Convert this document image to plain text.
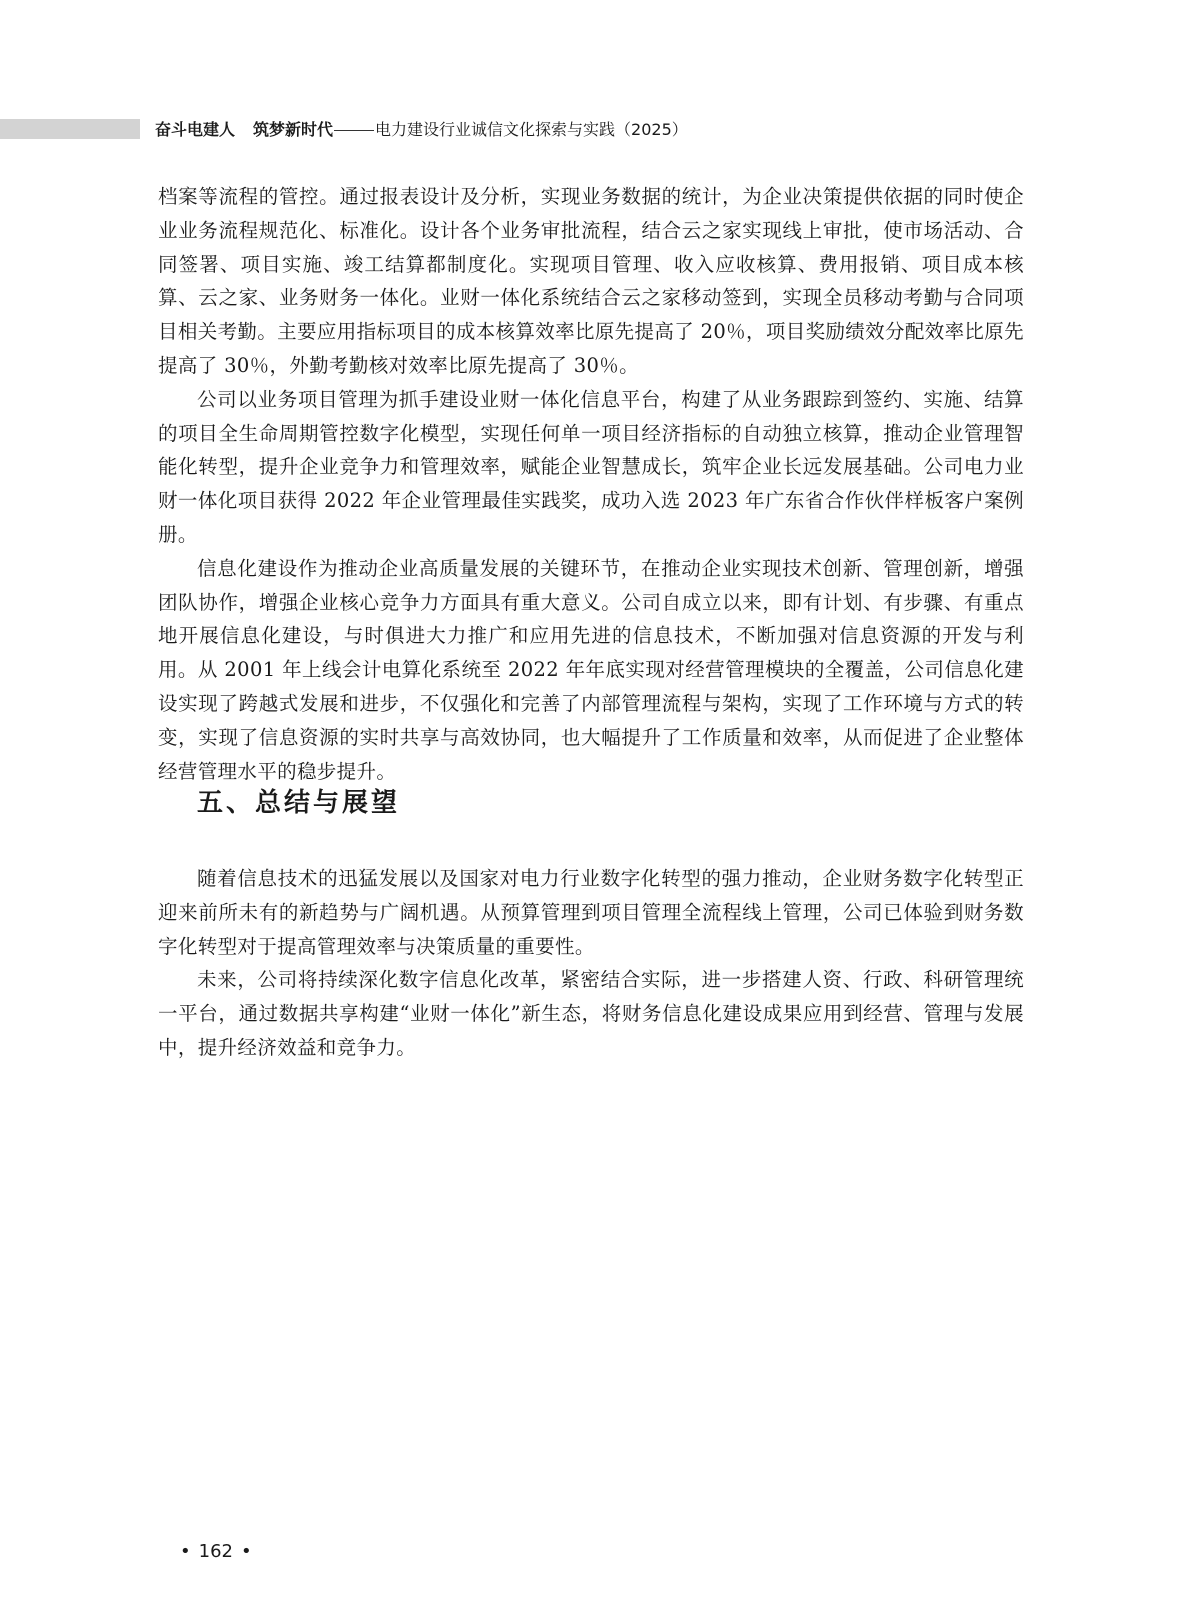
奋斗电建人 筑梦新时代	电力建设行业诚信文化探索与实践（2025）

档案等流程的管控。通过报表设计及分析，实现业务数据的统计，为企业决策提供依据的同时使企业业务流程规范化、标准化。设计各个业务审批流程，结合云之家实现线上审批，使市场活动、合同签署、项目实施、竣工结算都制度化。实现项目管理、收入应收核算、费用报销、项目成本核算、云之家、业务财务一体化。业财一体化系统结合云之家移动签到，实现全员移动考勤与合同项目相关考勤。主要应用指标项目的成本核算效率比原先提高了 20％，项目奖励绩效分配效率比原先提高了 30％，外勤考勤核对效率比原先提高了 30％。

公司以业务项目管理为抓手建设业财一体化信息平台，构建了从业务跟踪到签约、实施、结算的项目全生命周期管控数字化模型，实现任何单一项目经济指标的自动独立核算，推动企业管理智能化转型，提升企业竞争力和管理效率，赋能企业智慧成长，筑牢企业长远发展基础。公司电力业财一体化项目获得 2022 年企业管理最佳实践奖，成功入选 2023 年广东省合作伙伴样板客户案例册。

信息化建设作为推动企业高质量发展的关键环节，在推动企业实现技术创新、管理创新，增强团队协作，增强企业核心竞争力方面具有重大意义。公司自成立以来，即有计划、有步骤、有重点地开展信息化建设，与时俱进大力推广和应用先进的信息技术，不断加强对信息资源的开发与利用。从 2001 年上线会计电算化系统至 2022 年年底实现对经营管理模块的全覆盖，公司信息化建设实现了跨越式发展和进步，不仅强化和完善了内部管理流程与架构，实现了工作环境与方式的转变，实现了信息资源的实时共享与高效协同，也大幅提升了工作质量和效率，从而促进了企业整体经营管理水平的稳步提升。

五、总结与展望

随着信息技术的迅猛发展以及国家对电力行业数字化转型的强力推动，企业财务数字化转型正迎来前所未有的新趋势与广阔机遇。从预算管理到项目管理全流程线上管理，公司已体验到财务数字化转型对于提高管理效率与决策质量的重要性。

未来，公司将持续深化数字信息化改革，紧密结合实际，进一步搭建人资、行政、科研管理统一平台，通过数据共享构建“业财一体化”新生态，将财务信息化建设成果应用到经营、管理与发展中，提升经济效益和竞争力。

• 162 •
